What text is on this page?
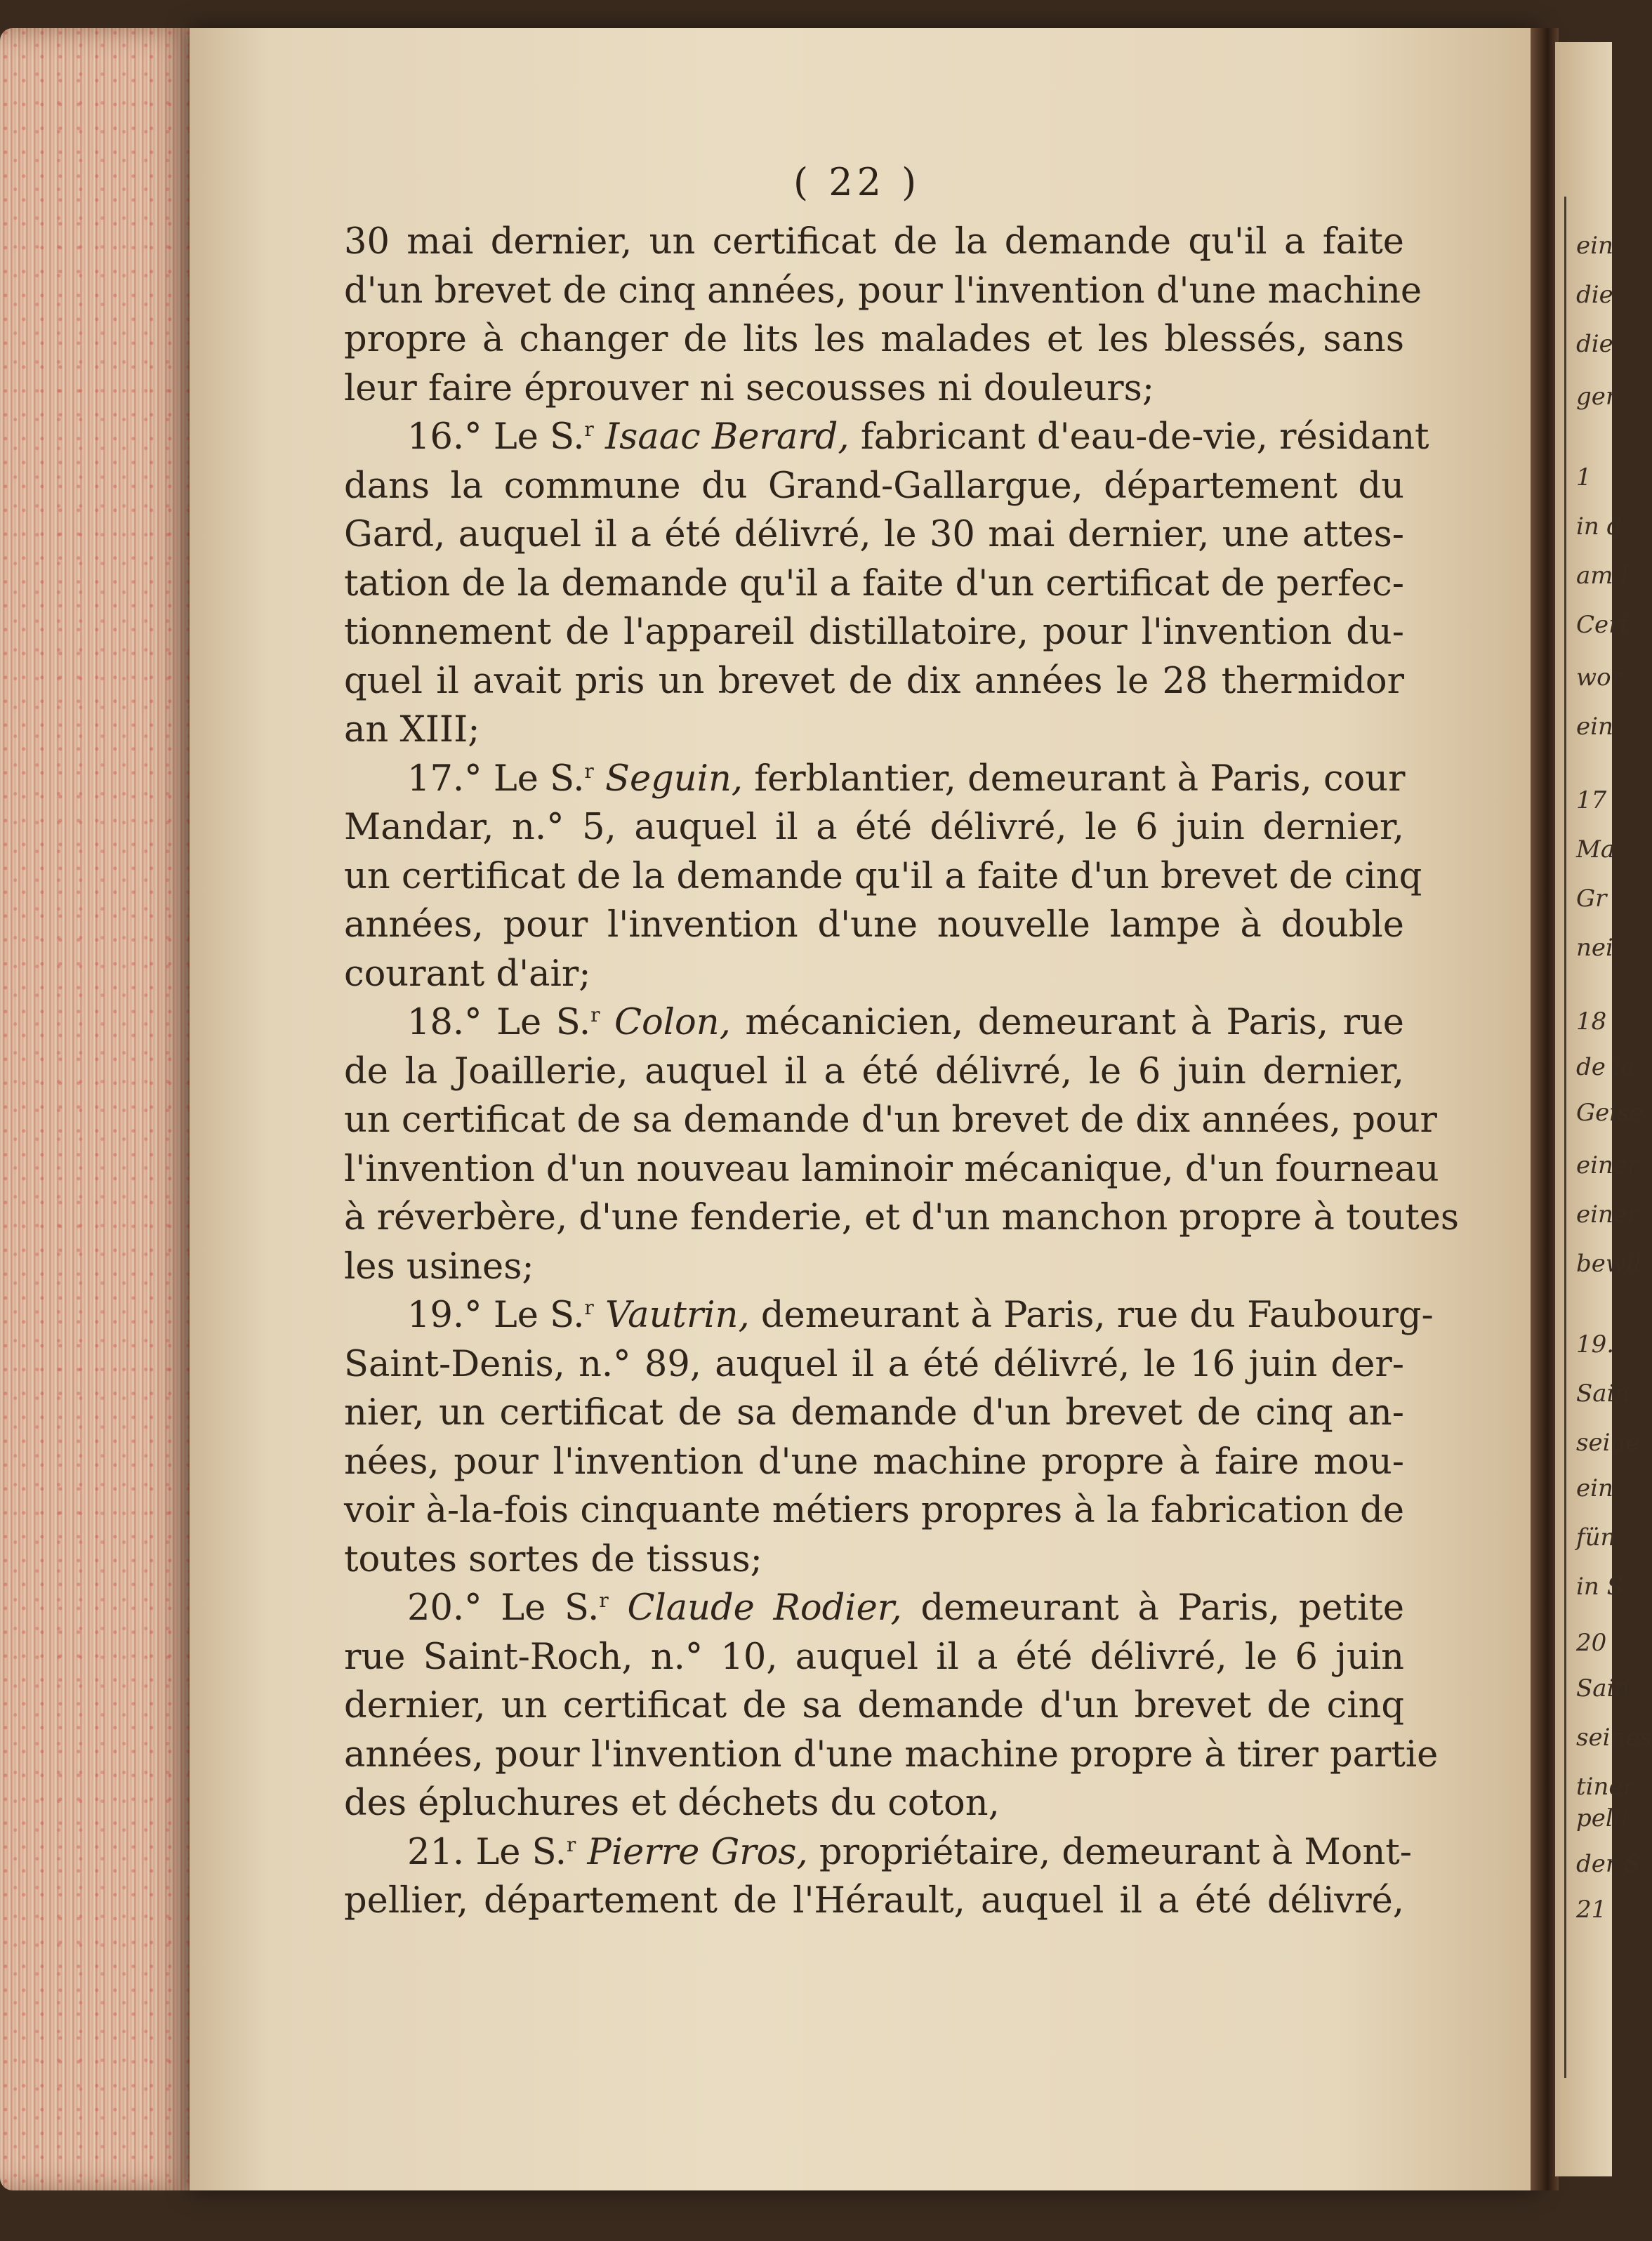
ein
die
die
ger
1
in d
am l
Cert
wor
ein
17
Ma
Gr
nei
18
de la
Geise
einer
einer
bewil
19.
Sain
seine
ein
fün
in S
20
Sain
seines
tiner
der S
21
pelli
( 22 )
30 mai dernier, un certificat de la demande qu'il a faite
d'un brevet de cinq années, pour l'invention d'une machine
propre à changer de lits les malades et les blessés, sans
leur faire éprouver ni secousses ni douleurs;
16.° Le S.$^r$ Isaac Berard, fabricant d'eau-de-vie, résidant
dans la commune du Grand-Gallargue, département du
Gard, auquel il a été délivré, le 30 mai dernier, une attes-
tation de la demande qu'il a faite d'un certificat de perfec-
tionnement de l'appareil distillatoire, pour l'invention du-
quel il avait pris un brevet de dix années le 28 thermidor
an XIII;
17.° Le S.$^r$ Seguin, ferblantier, demeurant à Paris, cour
Mandar, n.° 5, auquel il a été délivré, le 6 juin dernier,
un certificat de la demande qu'il a faite d'un brevet de cinq
années, pour l'invention d'une nouvelle lampe à double
courant d'air;
18.° Le S.$^r$ Colon, mécanicien, demeurant à Paris, rue
de la Joaillerie, auquel il a été délivré, le 6 juin dernier,
un certificat de sa demande d'un brevet de dix années, pour
l'invention d'un nouveau laminoir mécanique, d'un fourneau
à réverbère, d'une fenderie, et d'un manchon propre à toutes
les usines;
19.° Le S.$^r$ Vautrin, demeurant à Paris, rue du Faubourg-
Saint-Denis, n.° 89, auquel il a été délivré, le 16 juin der-
nier, un certificat de sa demande d'un brevet de cinq an-
nées, pour l'invention d'une machine propre à faire mou-
voir à-la-fois cinquante métiers propres à la fabrication de
toutes sortes de tissus;
20.° Le S.$^r$ Claude Rodier, demeurant à Paris, petite
rue Saint-Roch, n.° 10, auquel il a été délivré, le 6 juin
dernier, un certificat de sa demande d'un brevet de cinq
années, pour l'invention d'une machine propre à tirer partie
des épluchures et déchets du coton,
21. Le S.$^r$ Pierre Gros, propriétaire, demeurant à Mont-
pellier, département de l'Hérault, auquel il a été délivré,
